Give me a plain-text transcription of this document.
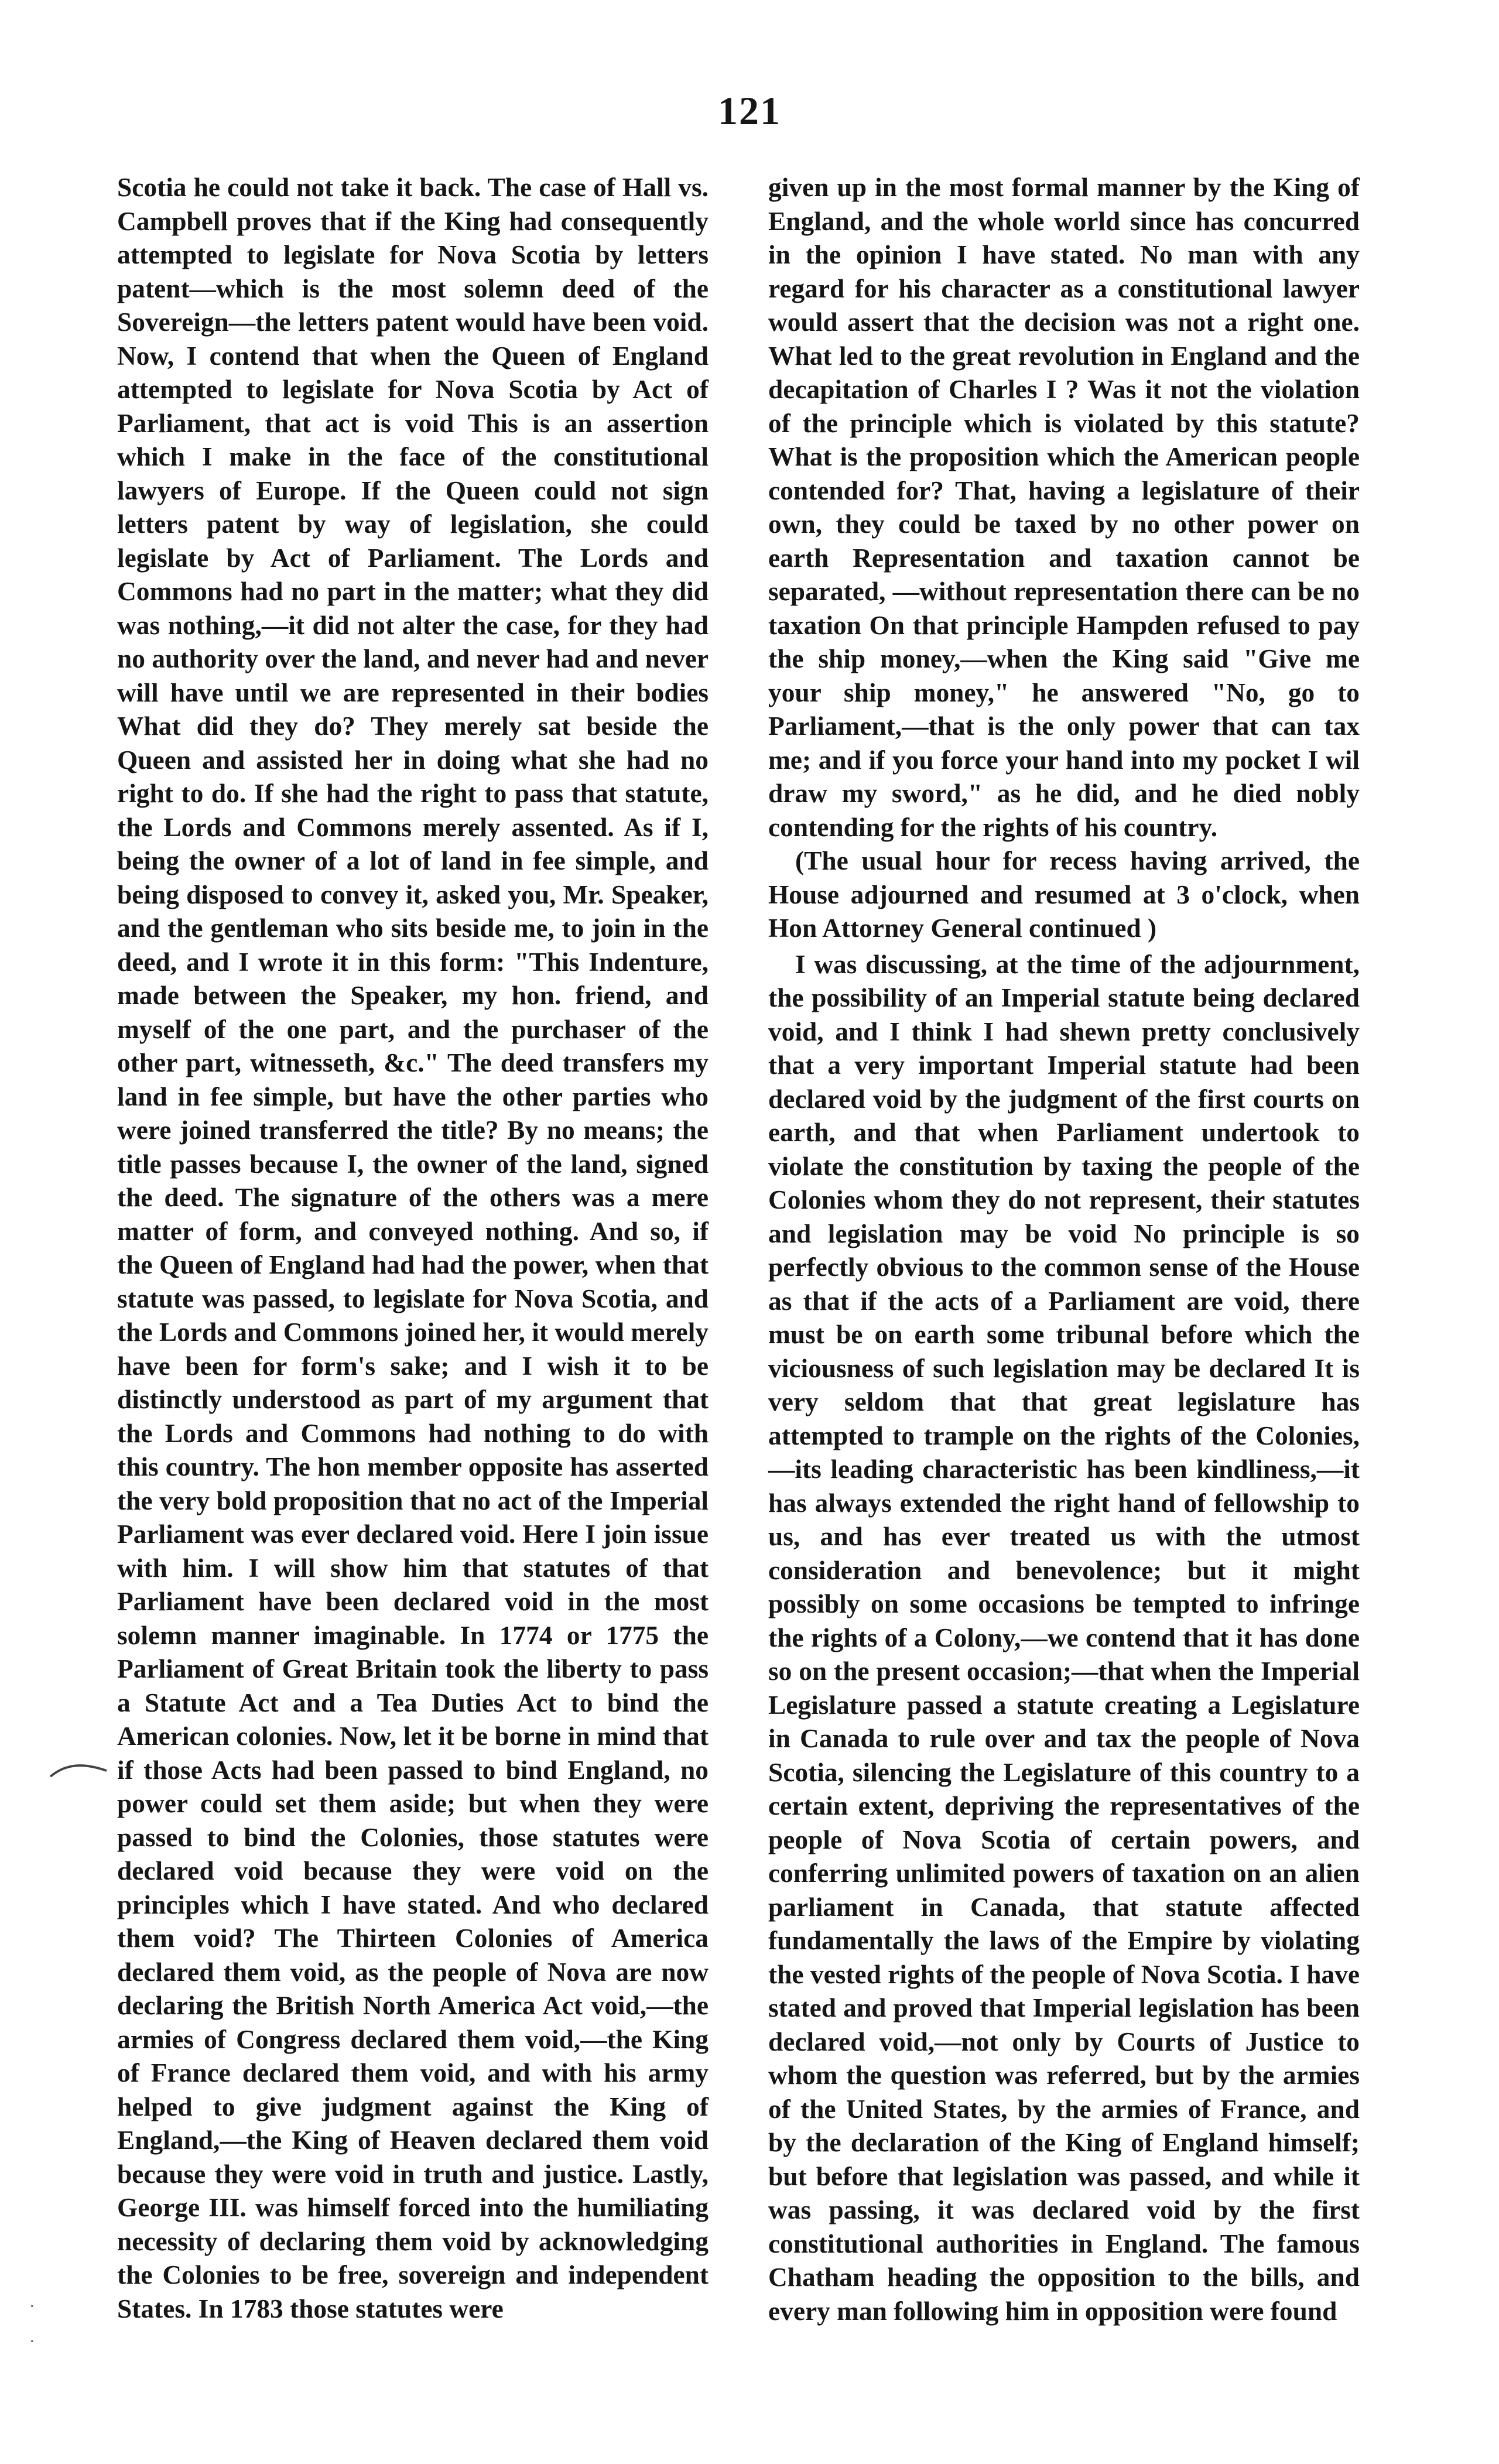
121

Scotia he could not take it back. The case of Hall vs. Campbell proves that if the King had consequently attempted to legislate for Nova Scotia by letters patent—which is the most solemn deed of the Sovereign—the letters patent would have been void. Now, I contend that when the Queen of England attempted to legislate for Nova Scotia by Act of Parliament, that act is void This is an assertion which I make in the face of the constitutional lawyers of Europe. If the Queen could not sign letters patent by way of legislation, she could legislate by Act of Parliament. The Lords and Commons had no part in the matter; what they did was nothing,—it did not alter the case, for they had no authority over the land, and never had and never will have until we are represented in their bodies What did they do? They merely sat beside the Queen and assisted her in doing what she had no right to do. If she had the right to pass that statute, the Lords and Commons merely assented. As if I, being the owner of a lot of land in fee simple, and being disposed to convey it, asked you, Mr. Speaker, and the gentleman who sits beside me, to join in the deed, and I wrote it in this form: "This Indenture, made between the Speaker, my hon. friend, and myself of the one part, and the purchaser of the other part, witnesseth, &c." The deed transfers my land in fee simple, but have the other parties who were joined transferred the title? By no means; the title passes because I, the owner of the land, signed the deed. The signature of the others was a mere matter of form, and conveyed nothing. And so, if the Queen of England had had the power, when that statute was passed, to legislate for Nova Scotia, and the Lords and Commons joined her, it would merely have been for form's sake; and I wish it to be distinctly understood as part of my argument that the Lords and Commons had nothing to do with this country. The hon member opposite has asserted the very bold proposition that no act of the Imperial Parliament was ever declared void. Here I join issue with him. I will show him that statutes of that Parliament have been declared void in the most solemn manner imaginable. In 1774 or 1775 the Parliament of Great Britain took the liberty to pass a Statute Act and a Tea Duties Act to bind the American colonies. Now, let it be borne in mind that if those Acts had been passed to bind England, no power could set them aside; but when they were passed to bind the Colonies, those statutes were declared void because they were void on the principles which I have stated. And who declared them void? The Thirteen Colonies of America declared them void, as the people of Nova are now declaring the British North America Act void,—the armies of Congress declared them void,—the King of France declared them void, and with his army helped to give judgment against the King of England,—the King of Heaven declared them void because they were void in truth and justice. Lastly, George III. was himself forced into the humiliating necessity of declaring them void by acknowledging the Colonies to be free, sovereign and independent States. In 1783 those statutes were

given up in the most formal manner by the King of England, and the whole world since has concurred in the opinion I have stated. No man with any regard for his character as a constitutional lawyer would assert that the decision was not a right one. What led to the great revolution in England and the decapitation of Charles I ? Was it not the violation of the principle which is violated by this statute? What is the proposition which the American people contended for? That, having a legislature of their own, they could be taxed by no other power on earth Representation and taxation cannot be separated, —without representation there can be no taxation On that principle Hampden refused to pay the ship money,—when the King said "Give me your ship money," he answered "No, go to Parliament,—that is the only power that can tax me; and if you force your hand into my pocket I wil draw my sword," as he did, and he died nobly contending for the rights of his country.

(The usual hour for recess having arrived, the House adjourned and resumed at 3 o'clock, when Hon Attorney General continued )

I was discussing, at the time of the adjournment, the possibility of an Imperial statute being declared void, and I think I had shewn pretty conclusively that a very important Imperial statute had been declared void by the judgment of the first courts on earth, and that when Parliament undertook to violate the constitution by taxing the people of the Colonies whom they do not represent, their statutes and legislation may be void No principle is so perfectly obvious to the common sense of the House as that if the acts of a Parliament are void, there must be on earth some tribunal before which the viciousness of such legislation may be declared It is very seldom that that great legislature has attempted to trample on the rights of the Colonies,—its leading characteristic has been kindliness,—it has always extended the right hand of fellowship to us, and has ever treated us with the utmost consideration and benevolence; but it might possibly on some occasions be tempted to infringe the rights of a Colony,—we contend that it has done so on the present occasion;—that when the Imperial Legislature passed a statute creating a Legislature in Canada to rule over and tax the people of Nova Scotia, silencing the Legislature of this country to a certain extent, depriving the representatives of the people of Nova Scotia of certain powers, and conferring unlimited powers of taxation on an alien parliament in Canada, that statute affected fundamentally the laws of the Empire by violating the vested rights of the people of Nova Scotia. I have stated and proved that Imperial legislation has been declared void,—not only by Courts of Justice to whom the question was referred, but by the armies of the United States, by the armies of France, and by the declaration of the King of England himself; but before that legislation was passed, and while it was passing, it was declared void by the first constitutional authorities in England. The famous Chatham heading the opposition to the bills, and every man following him in opposition were found

·
·
